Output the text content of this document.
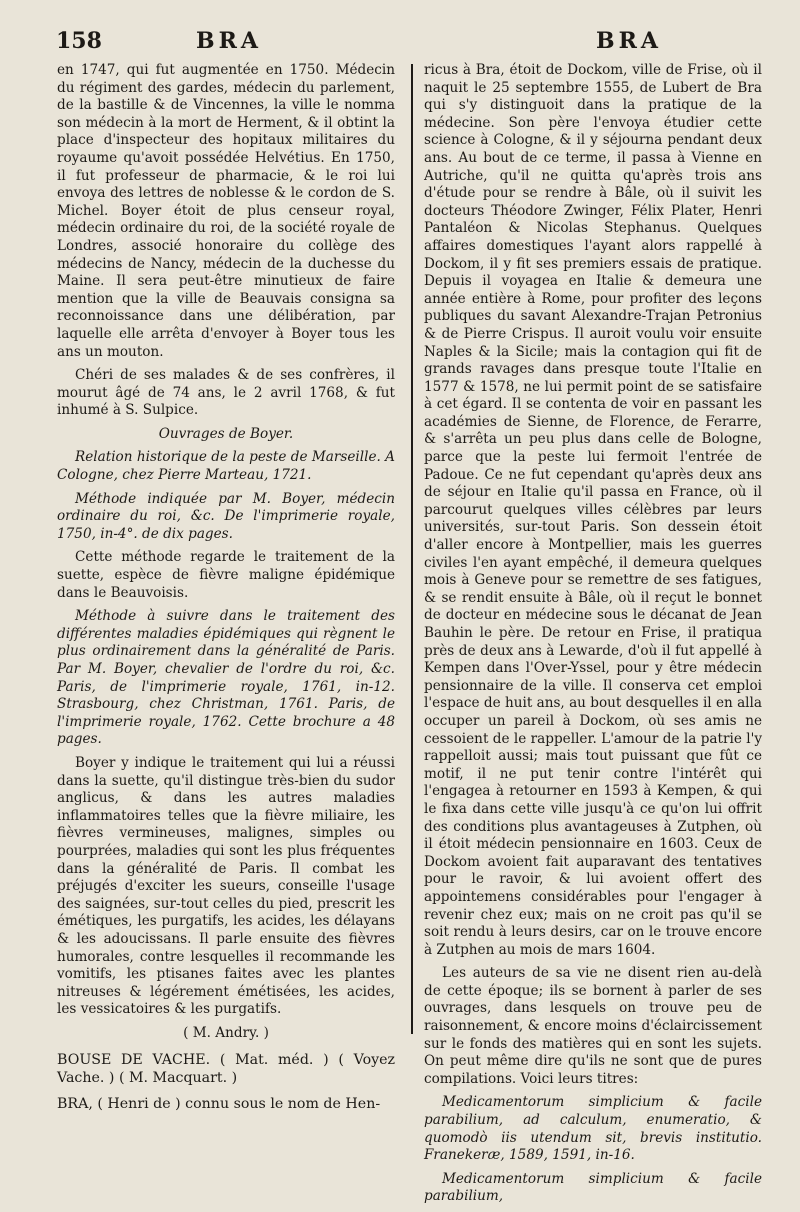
158	BRA	BRA

en 1747, qui fut augmentée en 1750. Médecin du régiment des gardes, médecin du parlement, de la bastille & de Vincennes, la ville le nomma son médecin à la mort de Herment, & il obtint la place d'inspecteur des hopitaux militaires du royaume qu'avoit possédée Helvétius. En 1750, il fut professeur de pharmacie, & le roi lui envoya des lettres de noblesse & le cordon de S. Michel. Boyer étoit de plus censeur royal, médecin ordinaire du roi, de la société royale de Londres, associé honoraire du collège des médecins de Nancy, médecin de la duchesse du Maine. Il sera peut-être minutieux de faire mention que la ville de Beauvais consigna sa reconnoissance dans une délibération, par laquelle elle arrêta d'envoyer à Boyer tous les ans un mouton.

Chéri de ses malades & de ses confrères, il mourut âgé de 74 ans, le 2 avril 1768, & fut inhumé à S. Sulpice.

Ouvrages de Boyer.

Relation historique de la peste de Marseille. A Cologne, chez Pierre Marteau, 1721.

Méthode indiquée par M. Boyer, médecin ordinaire du roi, &c. De l'imprimerie royale, 1750, in-4°. de dix pages.

Cette méthode regarde le traitement de la suette, espèce de fièvre maligne épidémique dans le Beauvoisis.

Méthode à suivre dans le traitement des différentes maladies épidémiques qui règnent le plus ordinairement dans la généralité de Paris. Par M. Boyer, chevalier de l'ordre du roi, &c. Paris, de l'imprimerie royale, 1761, in-12. Strasbourg, chez Christman, 1761. Paris, de l'imprimerie royale, 1762. Cette brochure a 48 pages.

Boyer y indique le traitement qui lui a réussi dans la suette, qu'il distingue très-bien du sudor anglicus, & dans les autres maladies inflammatoires telles que la fièvre miliaire, les fièvres vermineuses, malignes, simples ou pourprées, maladies qui sont les plus fréquentes dans la généralité de Paris. Il combat les préjugés d'exciter les sueurs, conseille l'usage des saignées, sur-tout celles du pied, prescrit les émétiques, les purgatifs, les acides, les délayans & les adoucissans. Il parle ensuite des fièvres humorales, contre lesquelles il recommande les vomitifs, les ptisanes faites avec les plantes nitreuses & légérement émétisées, les acides, les vessicatoires & les purgatifs.

( M. Andry. )

BOUSE DE VACHE. ( Mat. méd. ) ( Voyez Vache. ) ( M. Macquart. )

BRA, ( Henri de ) connu sous le nom de Hen-

ricus à Bra, étoit de Dockom, ville de Frise, où il naquit le 25 septembre 1555, de Lubert de Bra qui s'y distinguoit dans la pratique de la médecine. Son père l'envoya étudier cette science à Cologne, & il y séjourna pendant deux ans. Au bout de ce terme, il passa à Vienne en Autriche, qu'il ne quitta qu'après trois ans d'étude pour se rendre à Bâle, où il suivit les docteurs Théodore Zwinger, Félix Plater, Henri Pantaléon & Nicolas Stephanus. Quelques affaires domestiques l'ayant alors rappellé à Dockom, il y fit ses premiers essais de pratique. Depuis il voyagea en Italie & demeura une année entière à Rome, pour profiter des leçons publiques du savant Alexandre-Trajan Petronius & de Pierre Crispus. Il auroit voulu voir ensuite Naples & la Sicile; mais la contagion qui fit de grands ravages dans presque toute l'Italie en 1577 & 1578, ne lui permit point de se satisfaire à cet égard. Il se contenta de voir en passant les académies de Sienne, de Florence, de Ferarre, & s'arrêta un peu plus dans celle de Bologne, parce que la peste lui fermoit l'entrée de Padoue. Ce ne fut cependant qu'après deux ans de séjour en Italie qu'il passa en France, où il parcourut quelques villes célèbres par leurs universités, sur-tout Paris. Son dessein étoit d'aller encore à Montpellier, mais les guerres civiles l'en ayant empêché, il demeura quelques mois à Geneve pour se remettre de ses fatigues, & se rendit ensuite à Bâle, où il reçut le bonnet de docteur en médecine sous le décanat de Jean Bauhin le père. De retour en Frise, il pratiqua près de deux ans à Lewarde, d'où il fut appellé à Kempen dans l'Over-Yssel, pour y être médecin pensionnaire de la ville. Il conserva cet emploi l'espace de huit ans, au bout desquelles il en alla occuper un pareil à Dockom, où ses amis ne cessoient de le rappeller. L'amour de la patrie l'y rappelloit aussi; mais tout puissant que fût ce motif, il ne put tenir contre l'intérêt qui l'engagea à retourner en 1593 à Kempen, & qui le fixa dans cette ville jusqu'à ce qu'on lui offrit des conditions plus avantageuses à Zutphen, où il étoit médecin pensionnaire en 1603. Ceux de Dockom avoient fait auparavant des tentatives pour le ravoir, & lui avoient offert des appointemens considérables pour l'engager à revenir chez eux; mais on ne croit pas qu'il se soit rendu à leurs desirs, car on le trouve encore à Zutphen au mois de mars 1604.

Les auteurs de sa vie ne disent rien au-delà de cette époque; ils se bornent à parler de ses ouvrages, dans lesquels on trouve peu de raisonnement, & encore moins d'éclaircissement sur le fonds des matières qui en sont les sujets. On peut même dire qu'ils ne sont que de pures compilations. Voici leurs titres:

Medicamentorum simplicium & facile parabilium, ad calculum, enumeratio, & quomodò iis utendum sit, brevis institutio. Franekeræ, 1589, 1591, in-16.

Medicamentorum simplicium & facile parabilium,
